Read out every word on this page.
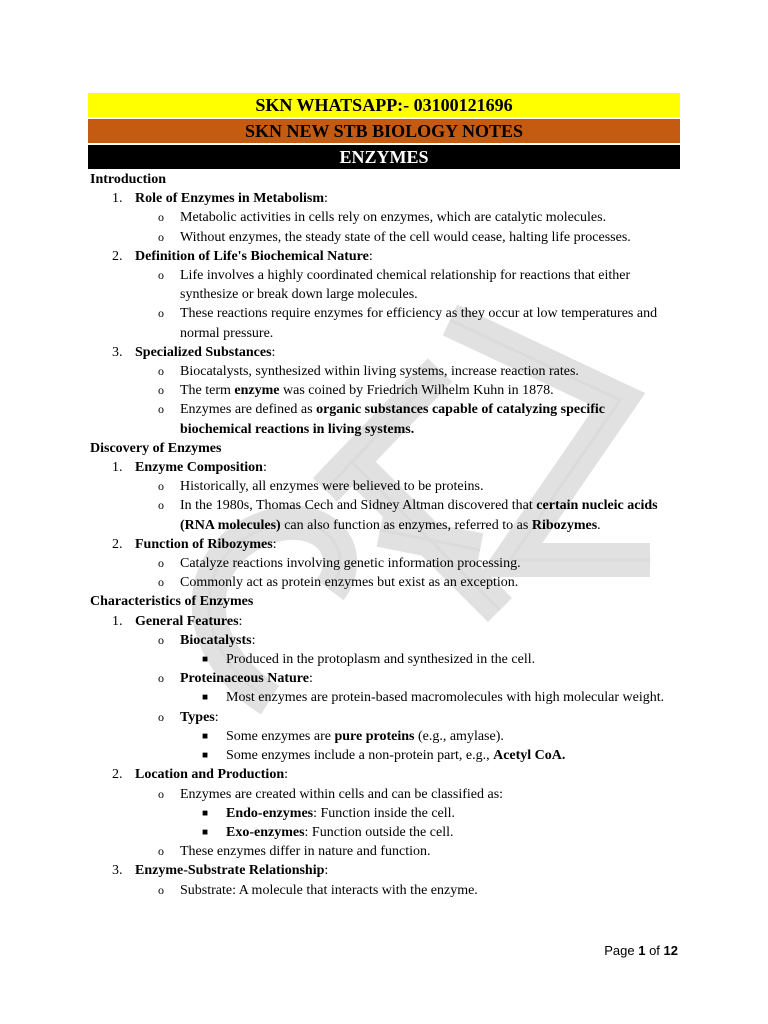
SKN WHATSAPP:- 03100121696
SKN NEW STB BIOLOGY NOTES
ENZYMES

Introduction

1. Role of Enzymes in Metabolism:

o Metabolic activities in cells rely on enzymes, which are catalytic molecules.

o Without enzymes, the steady state of the cell would cease, halting life processes.

2. Definition of Life's Biochemical Nature:

o Life involves a highly coordinated chemical relationship for reactions that either synthesize or break down large molecules.

o These reactions require enzymes for efficiency as they occur at low temperatures and normal pressure.

3. Specialized Substances:

o Biocatalysts, synthesized within living systems, increase reaction rates.

o The term enzyme was coined by Friedrich Wilhelm Kuhn in 1878.

o Enzymes are defined as organic substances capable of catalyzing specific biochemical reactions in living systems.

Discovery of Enzymes

1. Enzyme Composition:

o Historically, all enzymes were believed to be proteins.

o In the 1980s, Thomas Cech and Sidney Altman discovered that certain nucleic acids (RNA molecules) can also function as enzymes, referred to as Ribozymes.

2. Function of Ribozymes:

o Catalyze reactions involving genetic information processing.

o Commonly act as protein enzymes but exist as an exception.

Characteristics of Enzymes

1. General Features:

o Biocatalysts:

■ Produced in the protoplasm and synthesized in the cell.

o Proteinaceous Nature:

■ Most enzymes are protein-based macromolecules with high molecular weight.

o Types:

■ Some enzymes are pure proteins (e.g., amylase).

■ Some enzymes include a non-protein part, e.g., Acetyl CoA.

2. Location and Production:

o Enzymes are created within cells and can be classified as:

■ Endo-enzymes: Function inside the cell.

■ Exo-enzymes: Function outside the cell.

o These enzymes differ in nature and function.

3. Enzyme-Substrate Relationship:

o Substrate: A molecule that interacts with the enzyme.

Page 1 of 12
